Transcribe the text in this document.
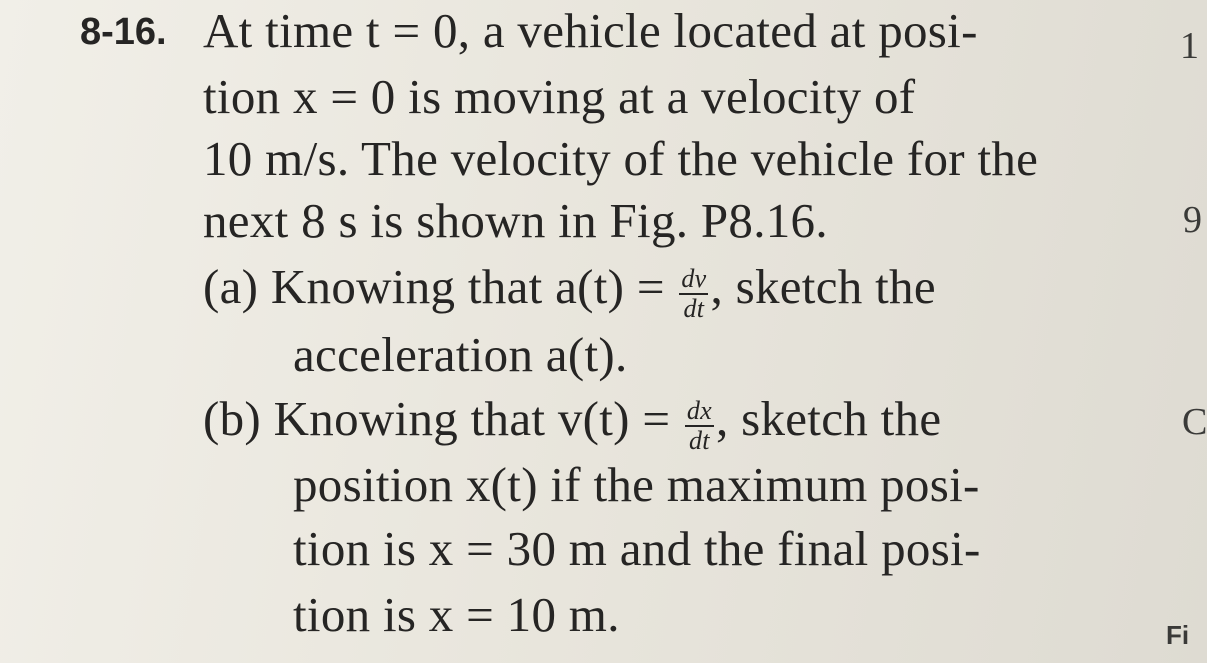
8-16. At time t = 0, a vehicle located at posi-
tion x = 0 is moving at a velocity of
10 m/s. The velocity of the vehicle for the
next 8 s is shown in Fig. P8.16.
(a) Knowing that $a(t) = \frac{dv}{dt}$ , sketch the
acceleration a(t).
(b) Knowing that $v(t) = \frac{dx}{dt}$ , sketch the
position x(t) if the maximum posi-
tion is x = 30 m and the final posi-
tion is x = 10 m.
1
9
C
Fi
